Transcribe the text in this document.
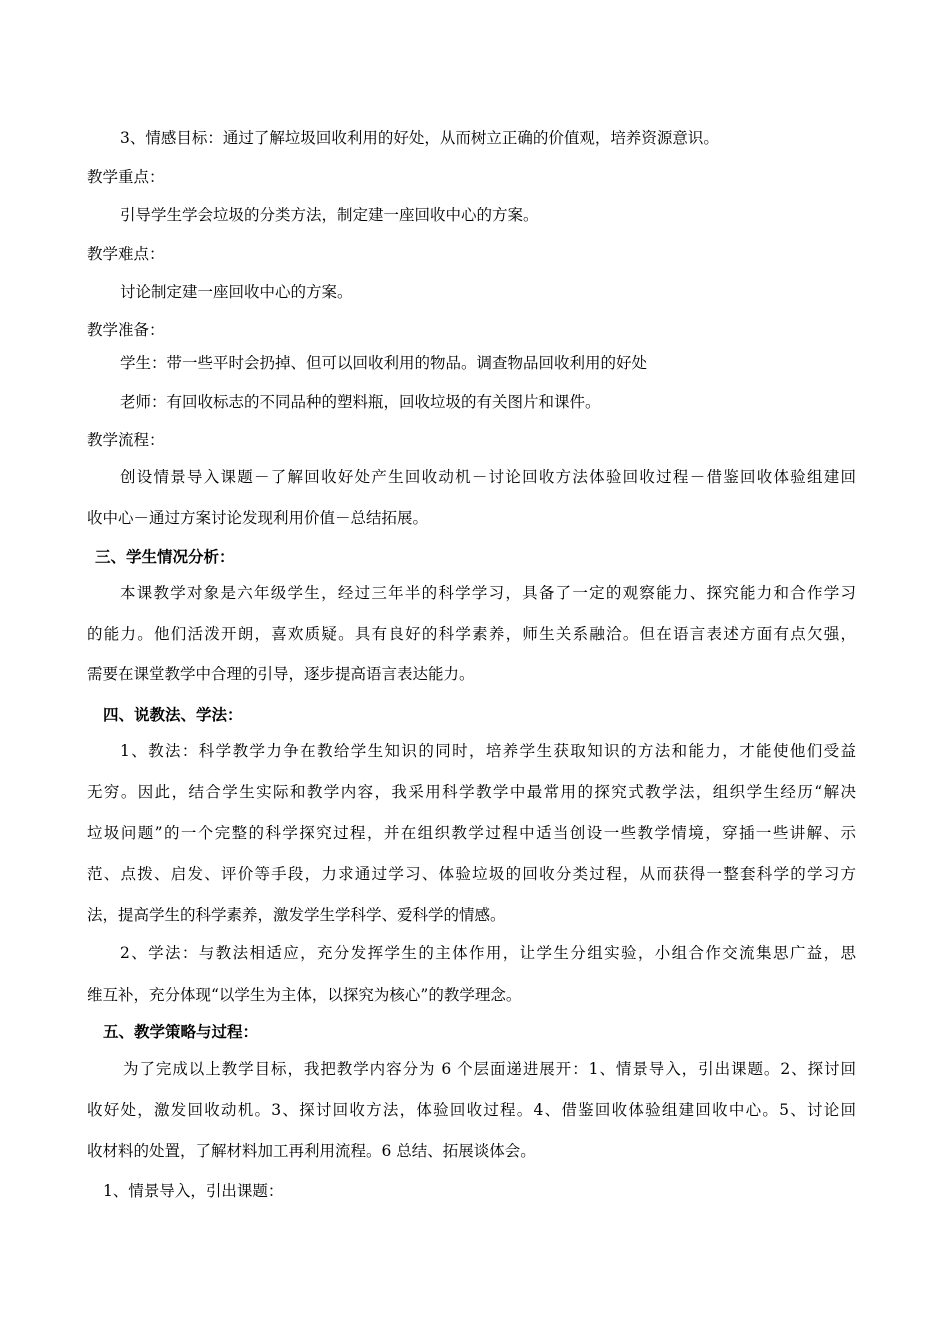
3、情感目标：通过了解垃圾回收利用的好处，从而树立正确的价值观，培养资源意识。
教学重点：
引导学生学会垃圾的分类方法，制定建一座回收中心的方案。
教学难点：
讨论制定建一座回收中心的方案。
教学准备：
学生：带一些平时会扔掉、但可以回收利用的物品。调查物品回收利用的好处
老师：有回收标志的不同品种的塑料瓶，回收垃圾的有关图片和课件。
教学流程：
创设情景导入课题－了解回收好处产生回收动机－讨论回收方法体验回收过程－借鉴回收体验组建回
收中心－通过方案讨论发现利用价值－总结拓展。
三、学生情况分析：
本课教学对象是六年级学生，经过三年半的科学学习，具备了一定的观察能力、探究能力和合作学习
的能力。他们活泼开朗，喜欢质疑。具有良好的科学素养，师生关系融洽。但在语言表述方面有点欠强，
需要在课堂教学中合理的引导，逐步提高语言表达能力。
四、说教法、学法：
1、教法：科学教学力争在教给学生知识的同时，培养学生获取知识的方法和能力，才能使他们受益
无穷。因此，结合学生实际和教学内容，我采用科学教学中最常用的探究式教学法，组织学生经历“解决
垃圾问题”的一个完整的科学探究过程，并在组织教学过程中适当创设一些教学情境，穿插一些讲解、示
范、点拨、启发、评价等手段，力求通过学习、体验垃圾的回收分类过程，从而获得一整套科学的学习方
法，提高学生的科学素养，激发学生学科学、爱科学的情感。
2、学法：与教法相适应，充分发挥学生的主体作用，让学生分组实验，小组合作交流集思广益，思
维互补，充分体现“以学生为主体，以探究为核心”的教学理念。
五、教学策略与过程：
为了完成以上教学目标，我把教学内容分为 6 个层面递进展开：1、情景导入，引出课题。2、探讨回
收好处，激发回收动机。3、探讨回收方法，体验回收过程。4、借鉴回收体验组建回收中心。5、讨论回
收材料的处置，了解材料加工再利用流程。6 总结、拓展谈体会。
1、情景导入，引出课题：
